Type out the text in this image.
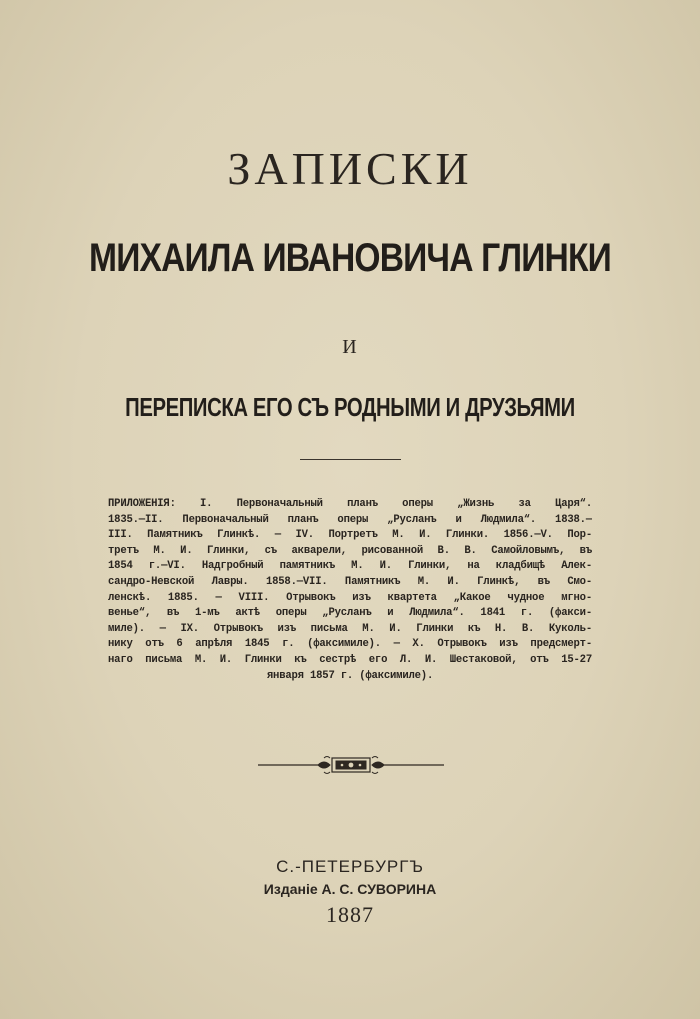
ЗАПИСКИ
МИХАИЛА ИВАНОВИЧА ГЛИНКИ
И
ПЕРЕПИСКА ЕГО СЪ РОДНЫМИ И ДРУЗЬЯМИ
ПРИЛОЖЕНІЯ: І. Первоначальный планъ оперы „Жизнь за Царя“.
1835.—II. Первоначальный планъ оперы „Русланъ и Людмила“. 1838.—
III. Памятникъ Глинкѣ. — IV. Портретъ М. И. Глинки. 1856.—V. Пор-
третъ М. И. Глинки, съ акварели, рисованной В. В. Самойловымъ, въ
1854 г.—VI. Надгробный памятникъ М. И. Глинки, на кладбищѣ Алек-
сандро-Невской Лавры. 1858.—VII. Памятникъ М. И. Глинкѣ, въ Смо-
ленскѣ. 1885. — VIII. Отрывокъ изъ квартета „Какое чудное мгно-
венье“, въ 1-мъ актѣ оперы „Русланъ и Людмила“. 1841 г. (факси-
миле). — IX. Отрывокъ изъ письма М. И. Глинки къ Н. В. Куколь-
нику отъ 6 апрѣля 1845 г. (факсимиле). — X. Отрывокъ изъ предсмерт-
наго письма М. И. Глинки къ сестрѣ его Л. И. Шестаковой, отъ 15-27
января 1857 г. (факсимиле).
С.-ПЕТЕРБУРГЪ
Изданіе А. С. СУВОРИНА
1887
